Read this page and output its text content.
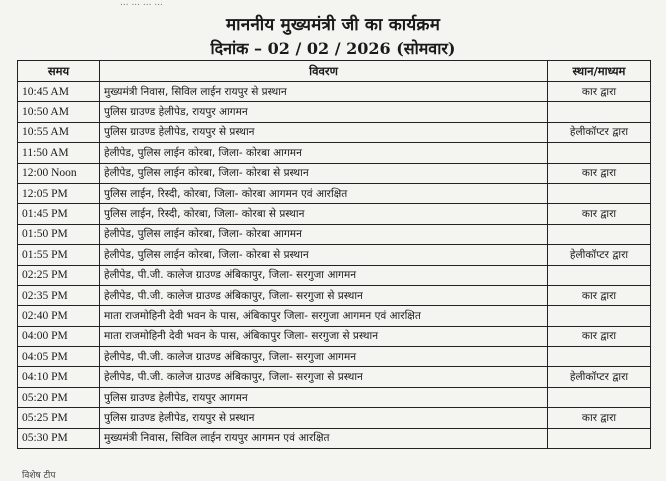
... ... ... ...
माननीय मुख्यमंत्री जी का कार्यक्रम
दिनांक – 02 / 02 / 2026 (सोमवार)
समय	विवरण	स्थान/माध्यम
10:45 AM	मुख्यमंत्री निवास, सिविल लाईन रायपुर से प्रस्थान	कार द्वारा
10:50 AM	पुलिस ग्राउण्ड हेलीपेड, रायपुर आगमन	
10:55 AM	पुलिस ग्राउण्ड हेलीपेड, रायपुर से प्रस्थान	हेलीकॉप्टर द्वारा
11:50 AM	हेलीपेड, पुलिस लाईन कोरबा, जिला- कोरबा आगमन	
12:00 Noon	हेलीपेड, पुलिस लाईन कोरबा, जिला- कोरबा से प्रस्थान	कार द्वारा
12:05 PM	पुलिस लाईन, रिस्दी, कोरबा, जिला- कोरबा आगमन एवं आरक्षित	
01:45 PM	पुलिस लाईन, रिस्दी, कोरबा, जिला- कोरबा से प्रस्थान	कार द्वारा
01:50 PM	हेलीपेड, पुलिस लाईन कोरबा, जिला- कोरबा आगमन	
01:55 PM	हेलीपेड, पुलिस लाईन कोरबा, जिला- कोरबा से प्रस्थान	हेलीकॉप्टर द्वारा
02:25 PM	हेलीपेड, पी.जी. कालेज ग्राउण्ड अंबिकापुर, जिला- सरगुजा आगमन	
02:35 PM	हेलीपेड, पी.जी. कालेज ग्राउण्ड अंबिकापुर, जिला- सरगुजा से प्रस्थान	कार द्वारा
02:40 PM	माता राजमोहिनी देवी भवन के पास, अंबिकापुर जिला- सरगुजा आगमन एवं आरक्षित	
04:00 PM	माता राजमोहिनी देवी भवन के पास, अंबिकापुर जिला- सरगुजा से प्रस्थान	कार द्वारा
04:05 PM	हेलीपेड, पी.जी. कालेज ग्राउण्ड अंबिकापुर, जिला- सरगुजा आगमन	
04:10 PM	हेलीपेड, पी.जी. कालेज ग्राउण्ड अंबिकापुर, जिला- सरगुजा से प्रस्थान	हेलीकॉप्टर द्वारा
05:20 PM	पुलिस ग्राउण्ड हेलीपेड, रायपुर आगमन	
05:25 PM	पुलिस ग्राउण्ड हेलीपेड, रायपुर से प्रस्थान	कार द्वारा
05:30 PM	मुख्यमंत्री निवास, सिविल लाईन रायपुर आगमन एवं आरक्षित	
विशेष टीप
